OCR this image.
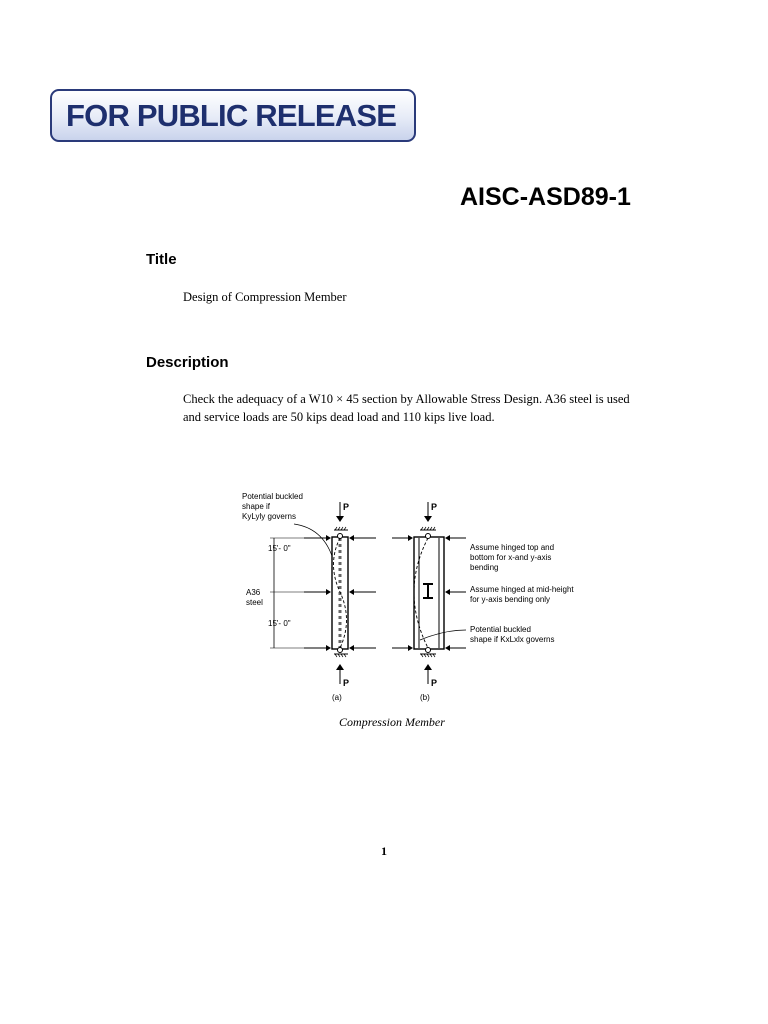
FOR PUBLIC RELEASE
AISC-ASD89-1
Title
Design of Compression Member
Description
Check the adequacy of a W10 × 45 section by Allowable Stress Design. A36 steel is used
and service loads are 50 kips dead load and 110 kips live load.
Potential buckled
shape if
KyLyly governs
P
P
15'- 0"
A36
steel
15'- 0"
(a)
P
P
Assume hinged top and
bottom for x-and y-axis
bending
Assume hinged at mid-height
for y-axis bending only
Potential buckled
shape if KxLxlx governs
(b)
Compression Member
1
